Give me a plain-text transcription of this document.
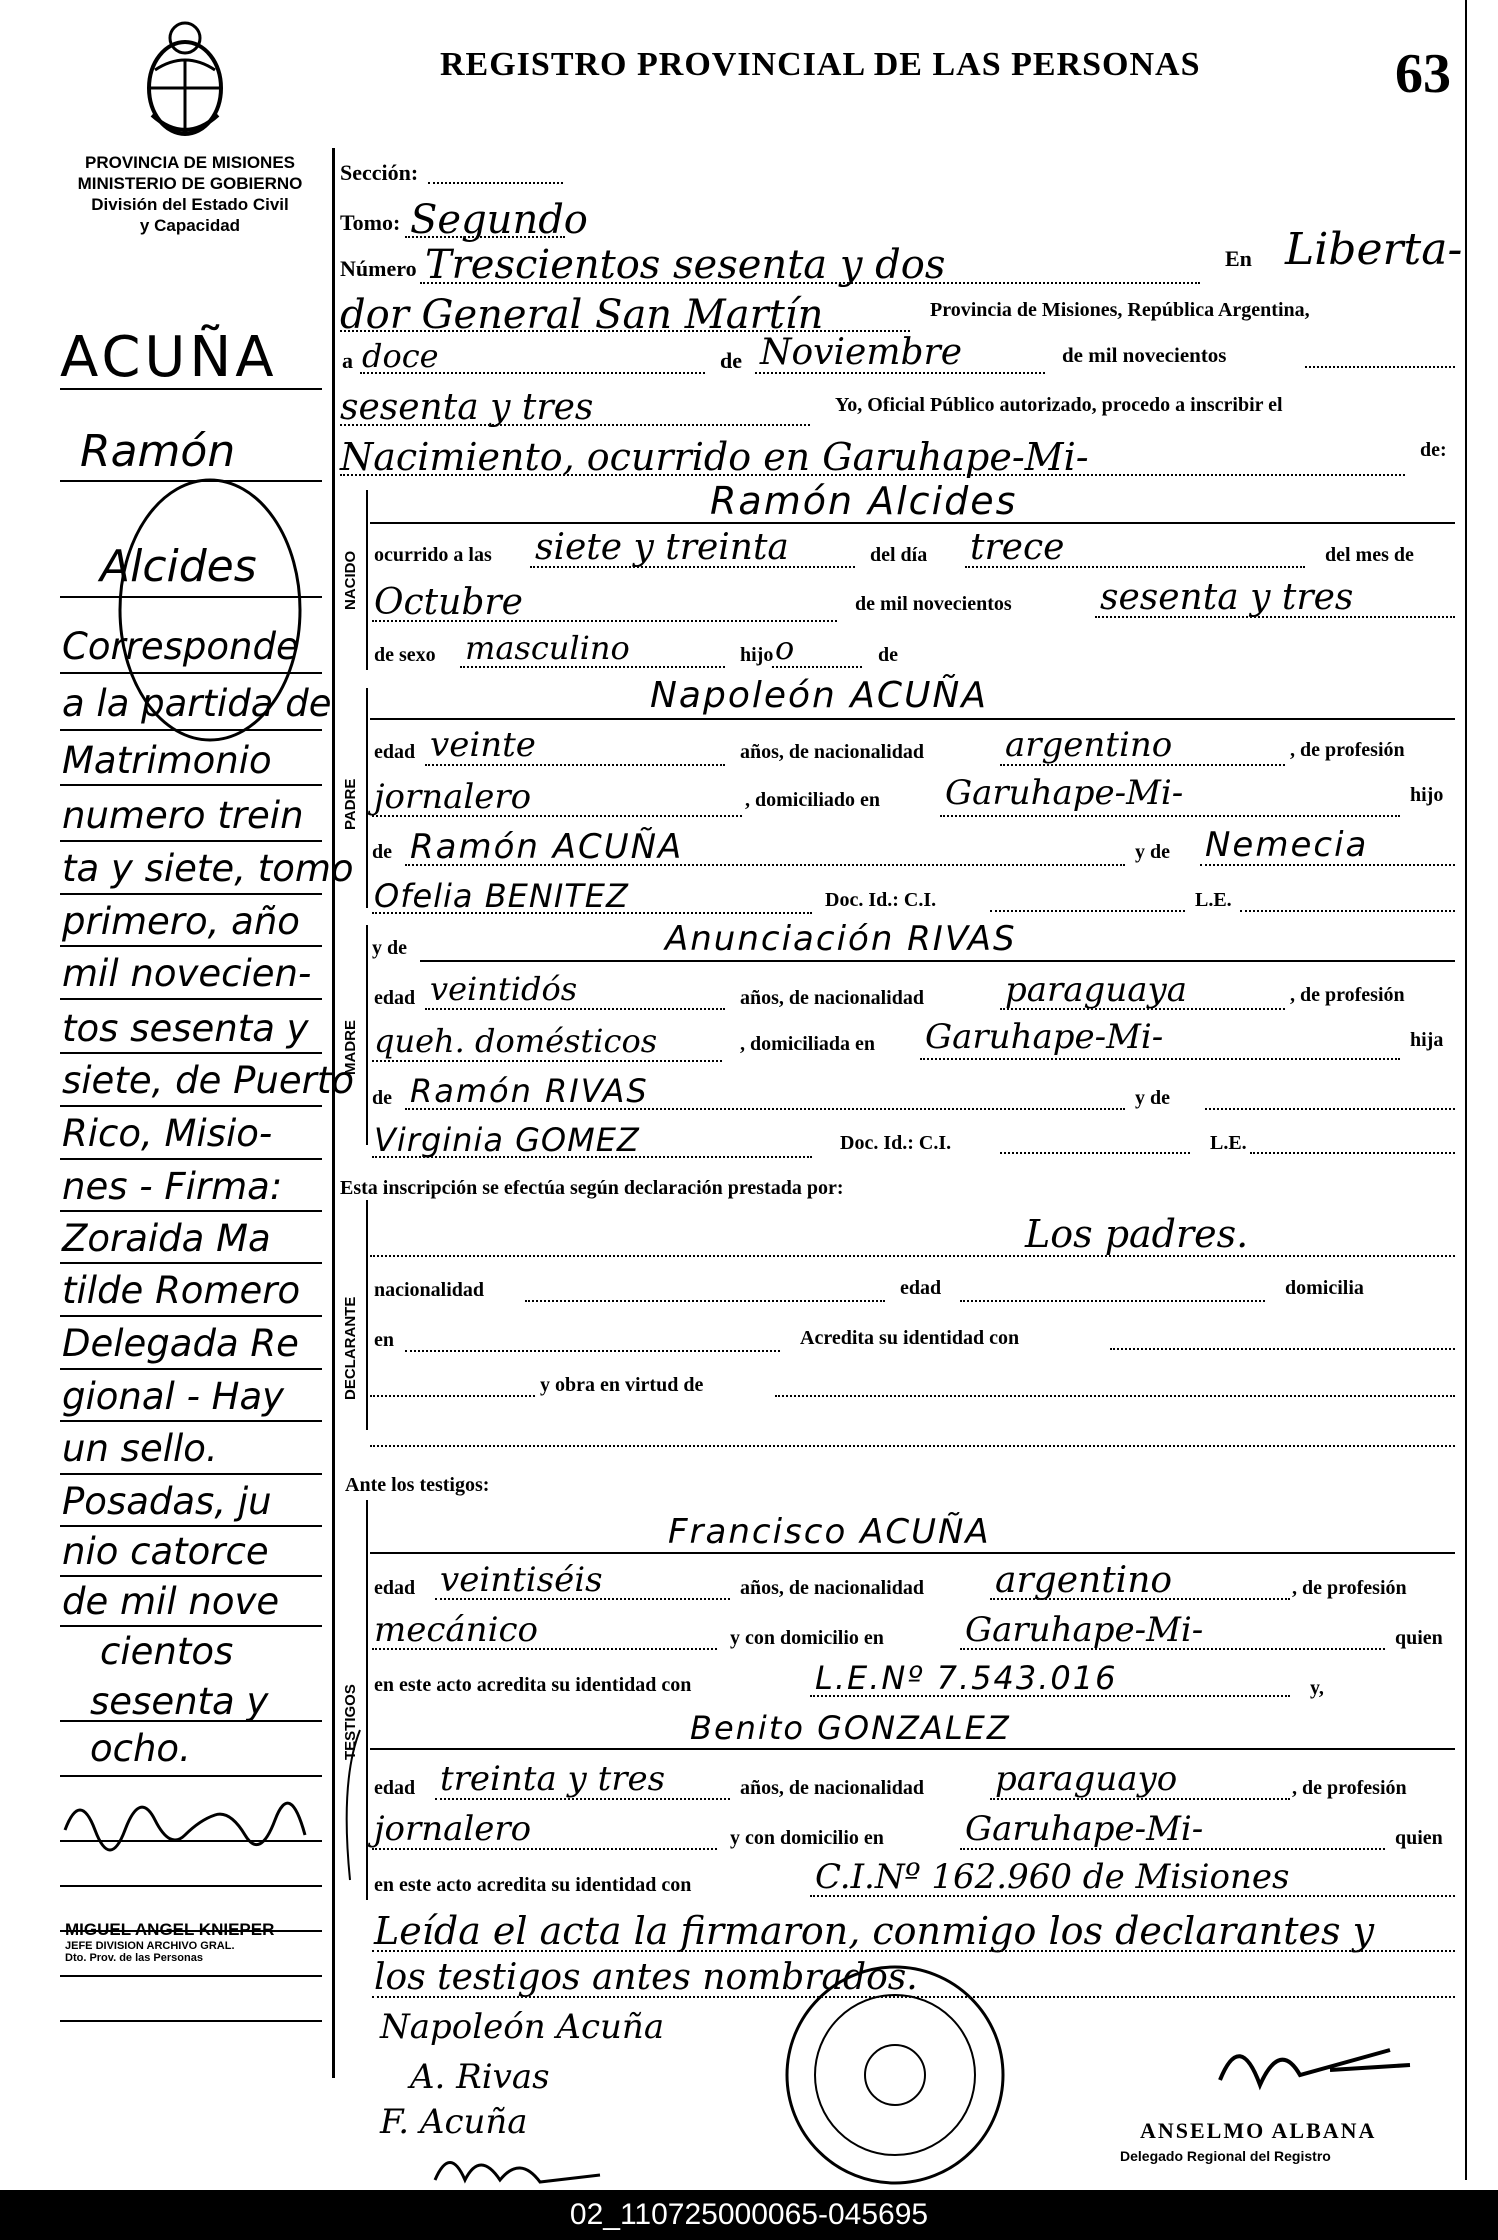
REGISTRO PROVINCIAL DE LAS PERSONAS	63
PROVINCIA DE MISIONES
MINISTERIO DE GOBIERNO
División del Estado Civil
y Capacidad
ACUÑA
Ramón
Alcides
Corresponde
a la partida de
Matrimonio
numero trein
ta y siete, tomo
primero, año
mil novecien-
tos sesenta y
siete, de Puerto
Rico, Misio-
nes - Firma:
Zoraida Ma
tilde Romero
Delegada Re
gional - Hay
un sello.
Posadas, ju
nio catorce
de mil nove
cientos
sesenta y
ocho.
MIGUEL ANGEL KNIEPER
JEFE DIVISION ARCHIVO GRAL.
Dto. Prov. de las Personas
Sección:
Tomo: Segundo
Número Trescientos sesenta y dos	En Liberta-
dor General San Martín	Provincia de Misiones, República Argentina,
a doce	de Noviembre	de mil novecientos
sesenta y tres	Yo, Oficial Público autorizado, procedo a inscribir el
Nacimiento, ocurrido en Garuhape-Mi-	de:
NACIDO
Ramón Alcides
ocurrido a las siete y treinta	del día trece	del mes de
Octubre	de mil novecientos sesenta y tres
de sexo masculino	hijo o	de
PADRE
Napoleón ACUÑA
edad veinte	años, de nacionalidad argentino	, de profesión
jornalero	, domiciliado en Garuhape-Mi-	hijo
de Ramón ACUÑA	y de Nemecia
Ofelia BENITEZ	Doc. Id.: C.I.	L.E.
MADRE
y de	Anunciación RIVAS
edad veintidós	años, de nacionalidad paraguaya	, de profesión
queh. domésticos	, domiciliada en Garuhape-Mi-	hija
de Ramón RIVAS	y de
Virginia GOMEZ	Doc. Id.: C.I.	L.E.
Esta inscripción se efectúa según declaración prestada por:
DECLARANTE
Los padres.
nacionalidad	edad	domicilia
en	Acredita su identidad con
y obra en virtud de
Ante los testigos:
TESTIGOS
Francisco ACUÑA
edad veintiséis	años, de nacionalidad argentino	, de profesión
mecánico	y con domicilio en Garuhape-Mi-	quien
en este acto acredita su identidad con	L.E.Nº 7.543.016	y,
Benito GONZALEZ
edad treinta y tres	años, de nacionalidad paraguayo	, de profesión
jornalero	y con domicilio en Garuhape-Mi-	quien
en este acto acredita su identidad con	C.I.Nº 162.960 de Misiones
Leída el acta la firmaron, conmigo los declarantes y
los testigos antes nombrados.
Napoleón Acuña
A. Rivas
F. Acuña	ANSELMO ALBANA
Delegado Regional del Registro
02_110725000065-045695
